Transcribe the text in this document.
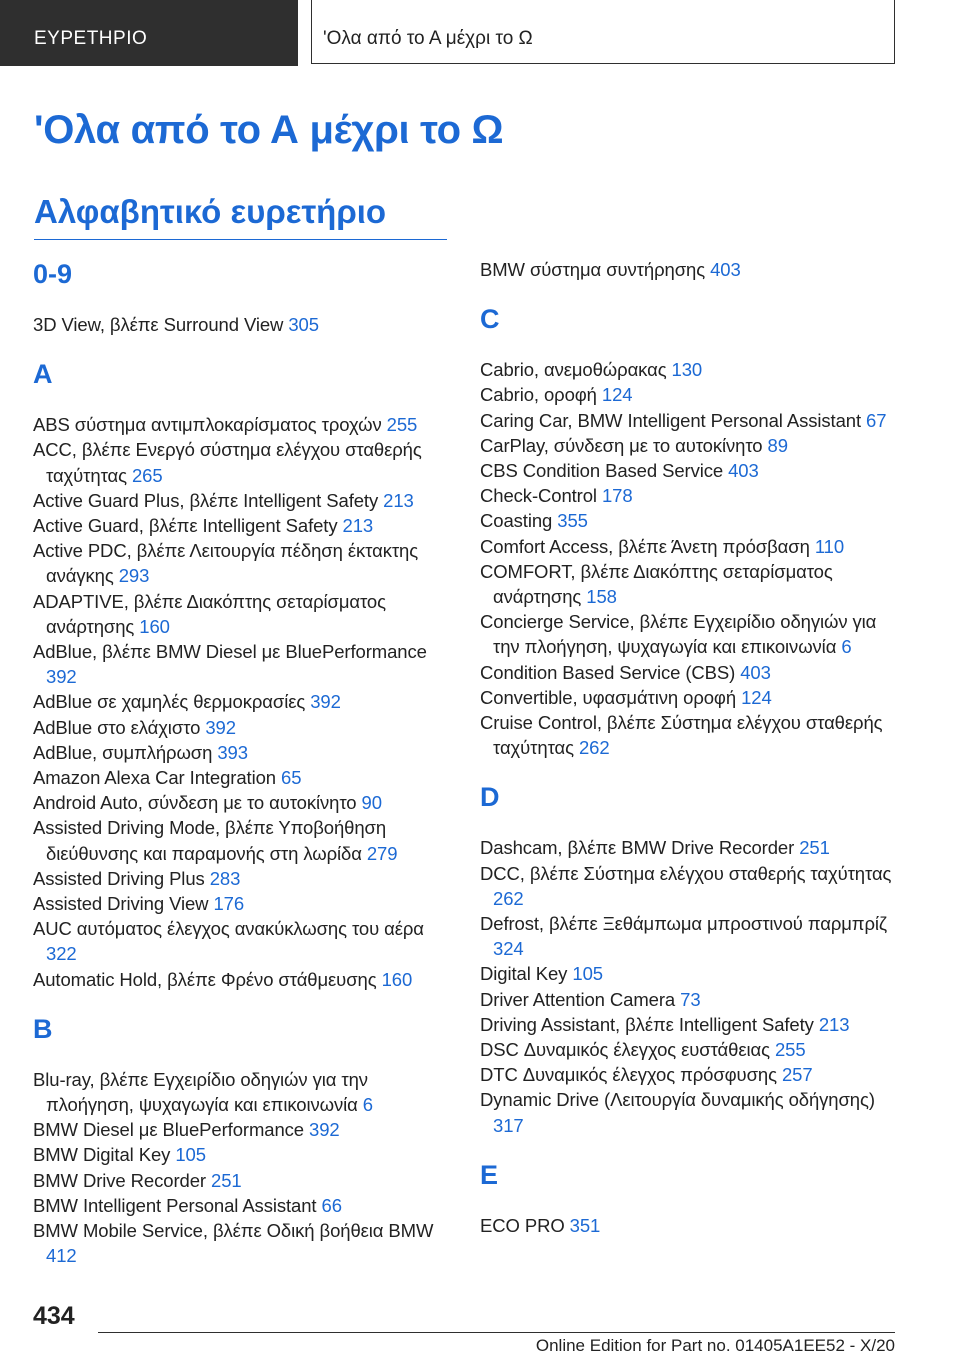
ΕΥΡΕΤΗΡΙΟ	'Ολα από το Α μέχρι το Ω
'Ολα από το Α μέχρι το Ω
Αλφαβητικό ευρετήριο
0-9
3D View, βλέπε Surround View 305
A
ABS σύστημα αντιμπλοκαρίσματος τροχών 255
ACC, βλέπε Ενεργό σύστημα ελέγχου σταθερής ταχύτητας 265
Active Guard Plus, βλέπε Intelligent Safety 213
Active Guard, βλέπε Intelligent Safety 213
Active PDC, βλέπε Λειτουργία πέδηση έκτακτης ανάγκης 293
ADAPTIVE, βλέπε Διακόπτης σεταρίσματος ανάρτησης 160
AdBlue, βλέπε BMW Diesel με BluePerformance 392
AdBlue σε χαμηλές θερμοκρασίες 392
AdBlue στο ελάχιστο 392
AdBlue, συμπλήρωση 393
Amazon Alexa Car Integration 65
Android Auto, σύνδεση με το αυτοκίνητο 90
Assisted Driving Mode, βλέπε Υποβοήθηση διεύθυνσης και παραμονής στη λωρίδα 279
Assisted Driving Plus 283
Assisted Driving View 176
AUC αυτόματος έλεγχος ανακύκλωσης του αέρα 322
Automatic Hold, βλέπε Φρένο στάθμευσης 160
B
Blu-ray, βλέπε Εγχειρίδιο οδηγιών για την πλοήγηση, ψυχαγωγία και επικοινωνία 6
BMW Diesel με BluePerformance 392
BMW Digital Key 105
BMW Drive Recorder 251
BMW Intelligent Personal Assistant 66
BMW Mobile Service, βλέπε Οδική βοήθεια BMW 412
BMW σύστημα συντήρησης 403
C
Cabrio, ανεμοθώρακας 130
Cabrio, οροφή 124
Caring Car, BMW Intelligent Personal Assistant 67
CarPlay, σύνδεση με το αυτοκίνητο 89
CBS Condition Based Service 403
Check-Control 178
Coasting 355
Comfort Access, βλέπε Άνετη πρόσβαση 110
COMFORT, βλέπε Διακόπτης σεταρίσματος ανάρτησης 158
Concierge Service, βλέπε Εγχειρίδιο οδηγιών για την πλοήγηση, ψυχαγωγία και επικοινωνία 6
Condition Based Service (CBS) 403
Convertible, υφασμάτινη οροφή 124
Cruise Control, βλέπε Σύστημα ελέγχου σταθερής ταχύτητας 262
D
Dashcam, βλέπε BMW Drive Recorder 251
DCC, βλέπε Σύστημα ελέγχου σταθερής ταχύτητας 262
Defrost, βλέπε Ξεθάμπωμα μπροστινού παρμπρίζ 324
Digital Key 105
Driver Attention Camera 73
Driving Assistant, βλέπε Intelligent Safety 213
DSC Δυναμικός έλεγχος ευστάθειας 255
DTC Δυναμικός έλεγχος πρόσφυσης 257
Dynamic Drive (Λειτουργία δυναμικής οδήγησης) 317
E
ECO PRO 351
434
Online Edition for Part no. 01405A1EE52 - X/20
